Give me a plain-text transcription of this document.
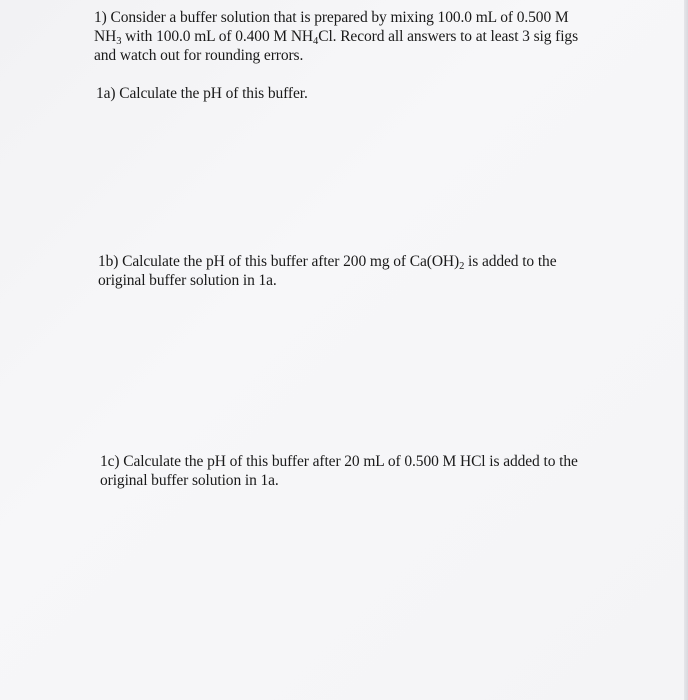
1) Consider a buffer solution that is prepared by mixing 100.0 mL of 0.500 M
$NH_3$ with 100.0 mL of 0.400 M $NH_4Cl$. Record all answers to at least 3 sig figs
and watch out for rounding errors.

1a) Calculate the pH of this buffer.

1b) Calculate the pH of this buffer after 200 mg of $Ca(OH)_2$ is added to the
original buffer solution in 1a.

1c) Calculate the pH of this buffer after 20 mL of 0.500 M HCl is added to the
original buffer solution in 1a.
